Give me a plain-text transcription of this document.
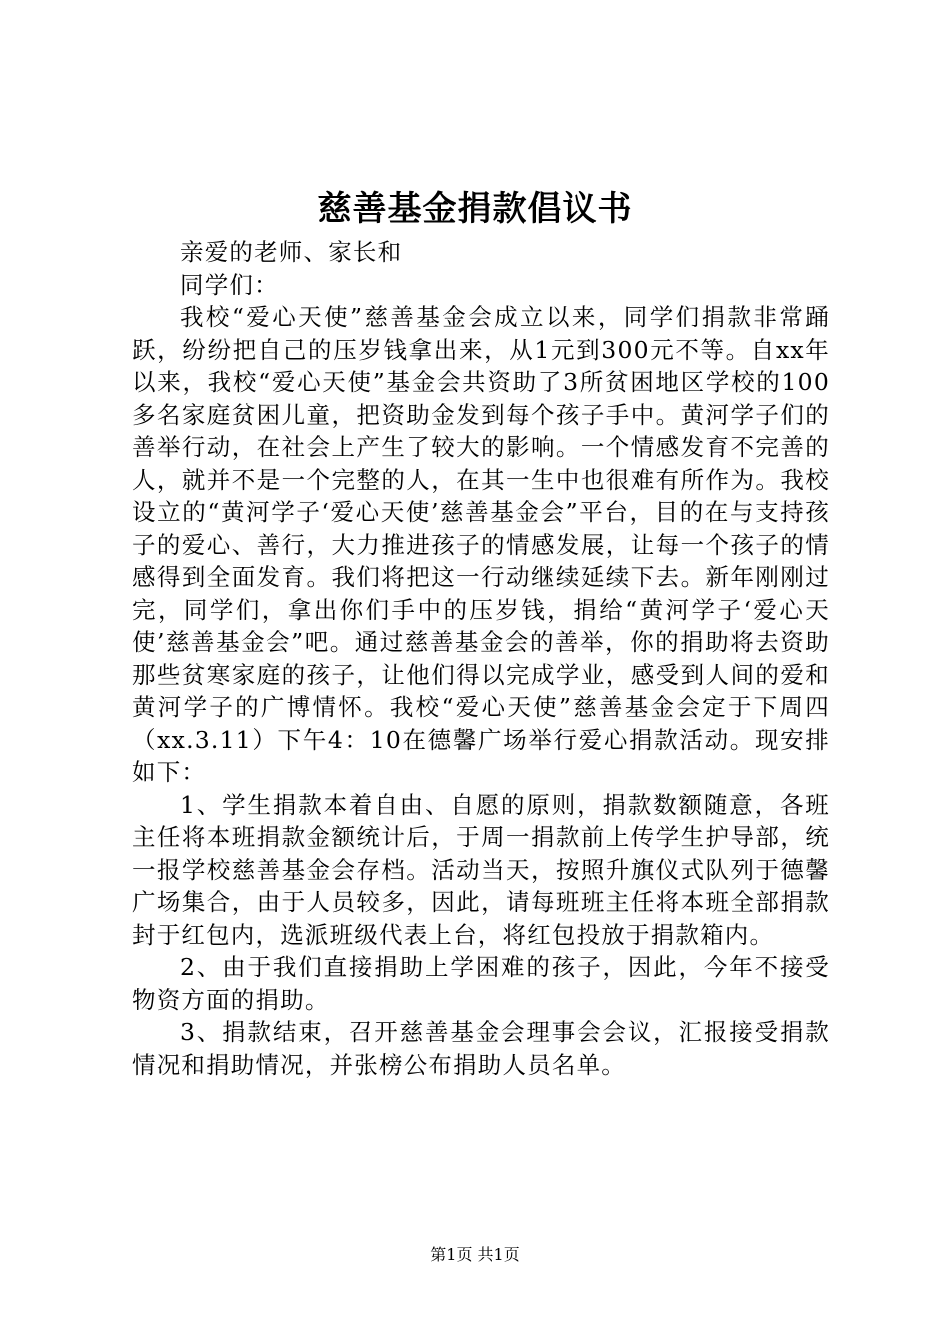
慈善基金捐款倡议书

亲爱的老师、家长和

同学们：

我校“爱心天使”慈善基金会成立以来，同学们捐款非常踊跃，纷纷把自己的压岁钱拿出来，从1元到300元不等。自xx年以来，我校“爱心天使”基金会共资助了3所贫困地区学校的100多名家庭贫困儿童，把资助金发到每个孩子手中。黄河学子们的善举行动，在社会上产生了较大的影响。一个情感发育不完善的人，就并不是一个完整的人，在其一生中也很难有所作为。我校设立的“黄河学子‘爱心天使’慈善基金会”平台，目的在与支持孩子的爱心、善行，大力推进孩子的情感发展，让每一个孩子的情感得到全面发育。我们将把这一行动继续延续下去。新年刚刚过完，同学们，拿出你们手中的压岁钱，捐给“黄河学子‘爱心天使’慈善基金会”吧。通过慈善基金会的善举，你的捐助将去资助那些贫寒家庭的孩子，让他们得以完成学业，感受到人间的爱和黄河学子的广博情怀。我校“爱心天使”慈善基金会定于下周四（xx.3.11）下午4：10在德馨广场举行爱心捐款活动。现安排如下：

1、学生捐款本着自由、自愿的原则，捐款数额随意，各班主任将本班捐款金额统计后，于周一捐款前上传学生护导部，统一报学校慈善基金会存档。活动当天，按照升旗仪式队列于德馨广场集合，由于人员较多，因此，请每班班主任将本班全部捐款封于红包内，选派班级代表上台，将红包投放于捐款箱内。

2、由于我们直接捐助上学困难的孩子，因此，今年不接受物资方面的捐助。

3、捐款结束，召开慈善基金会理事会会议，汇报接受捐款情况和捐助情况，并张榜公布捐助人员名单。

第1页 共1页
